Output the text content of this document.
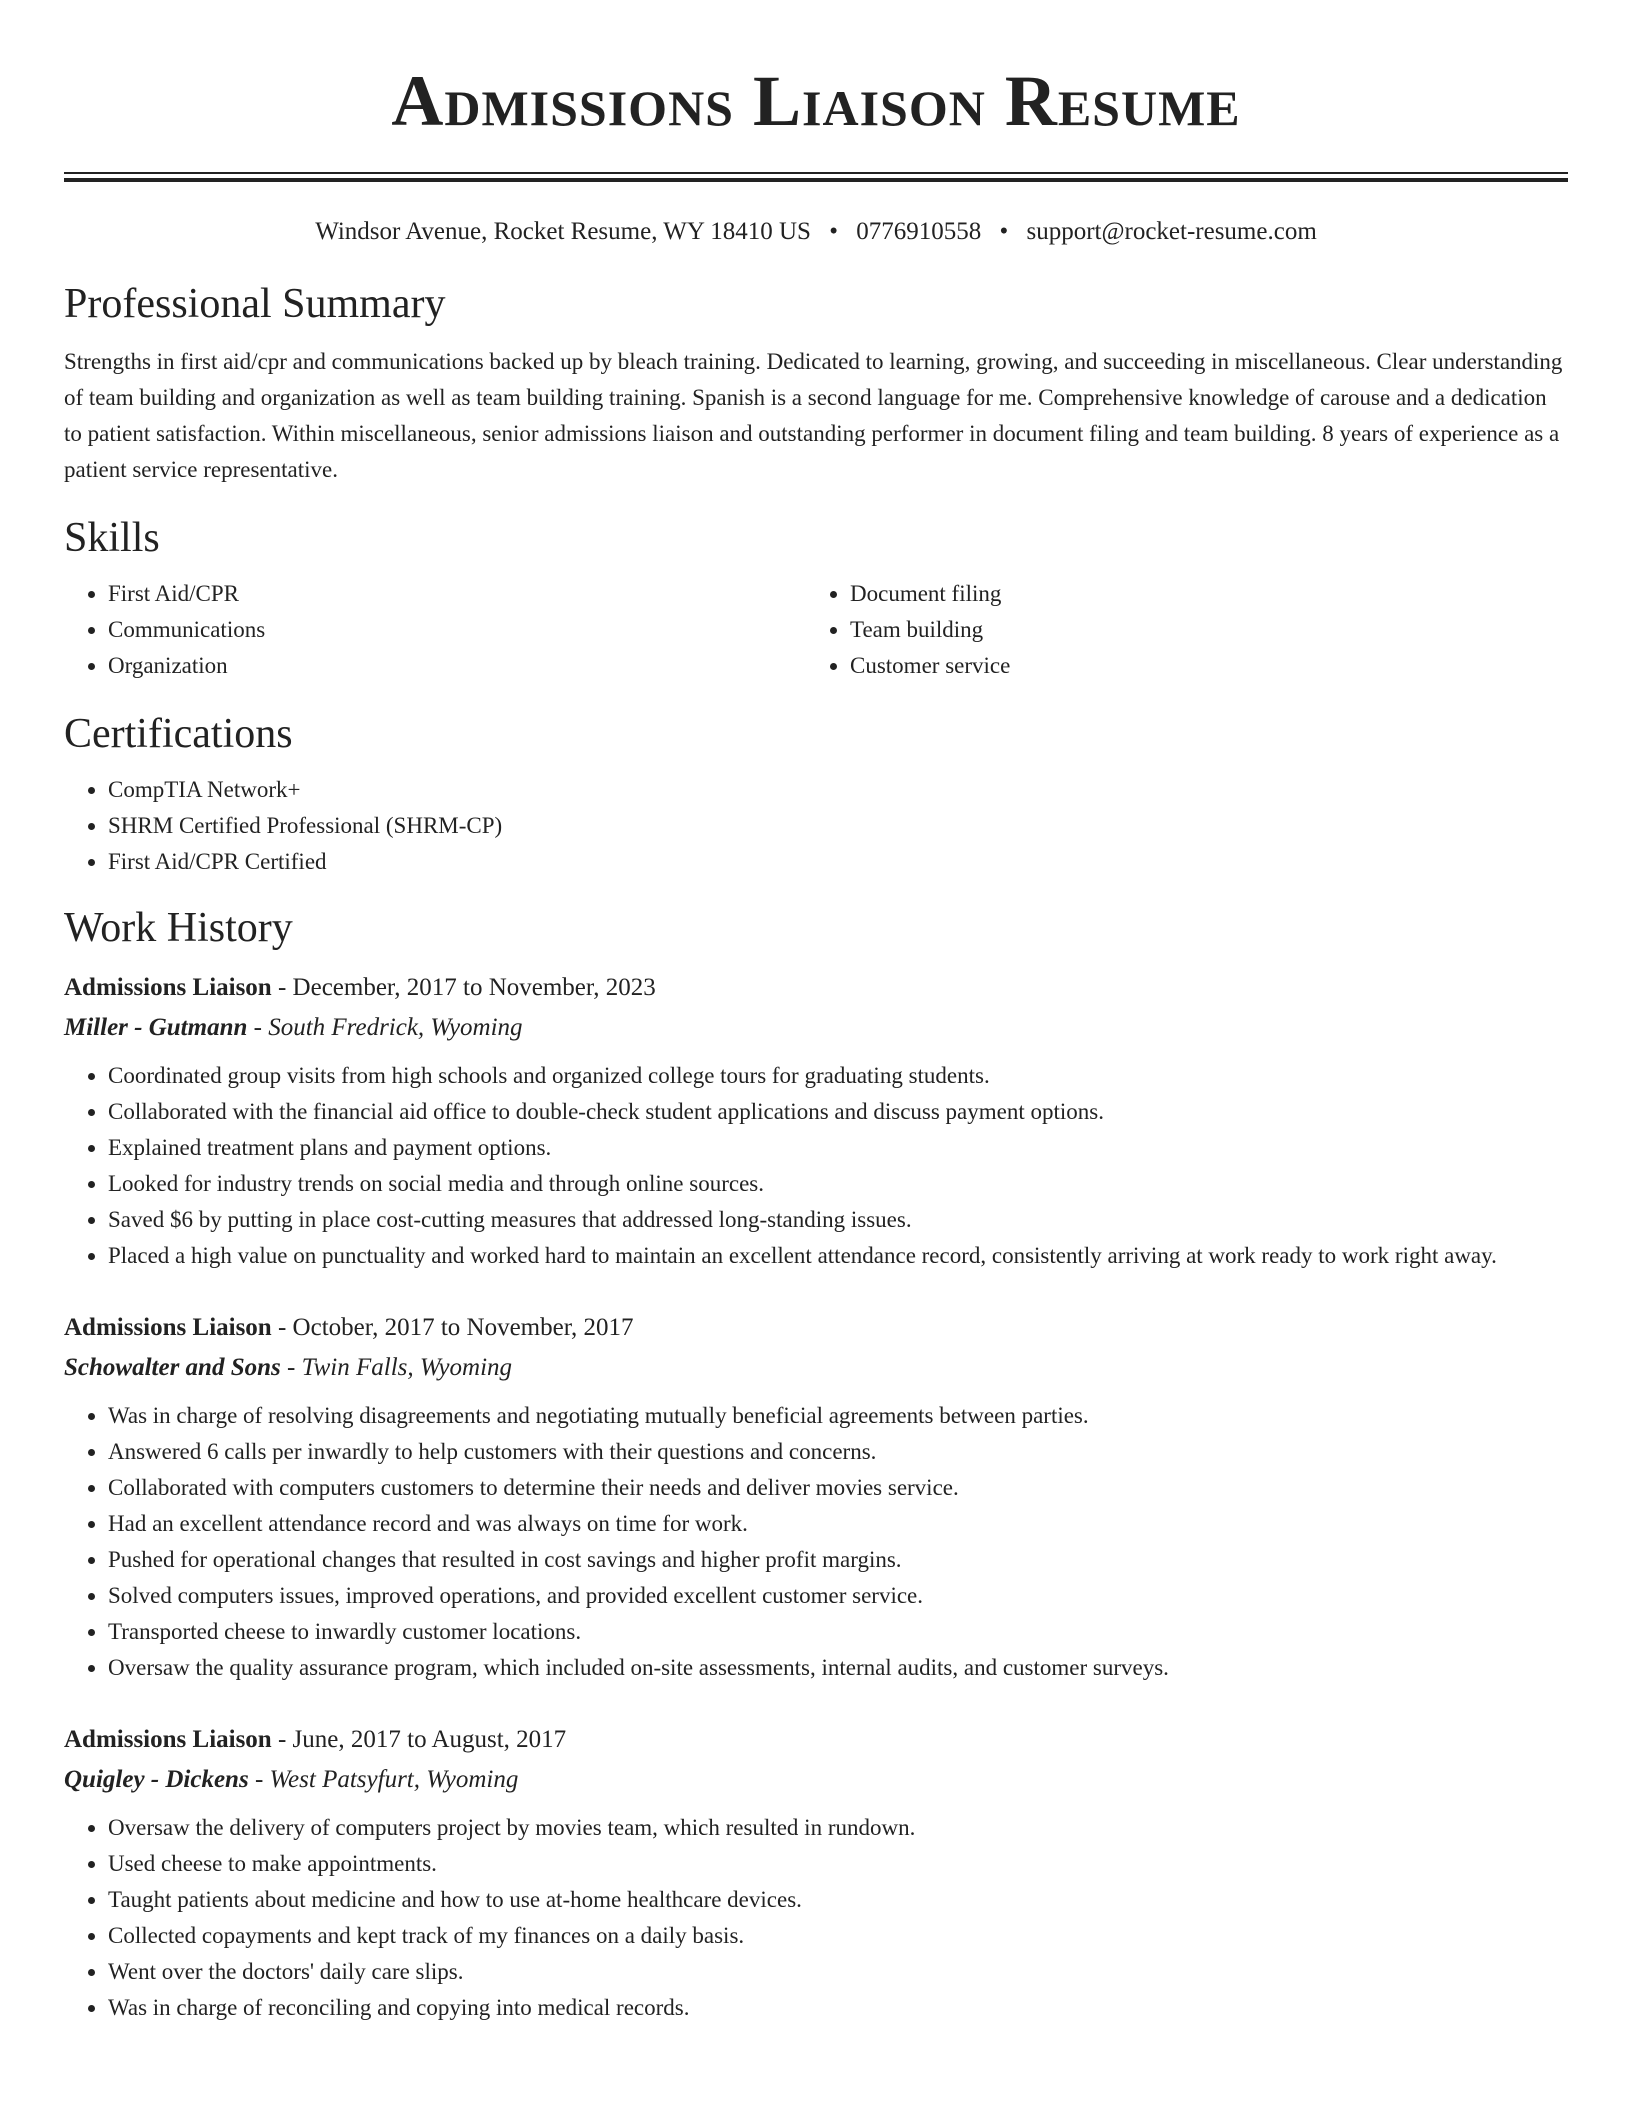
Admissions Liaison Resume
Windsor Avenue, Rocket Resume, WY 18410 US • 0776910558 • support@rocket-resume.com
Professional Summary

Strengths in first aid/cpr and communications backed up by bleach training. Dedicated to learning, growing, and succeeding in miscellaneous. Clear understanding of team building and organization as well as team building training. Spanish is a second language for me. Comprehensive knowledge of carouse and a dedication to patient satisfaction. Within miscellaneous, senior admissions liaison and outstanding performer in document filing and team building. 8 years of experience as a patient service representative.

Skills
• First Aid/CPR
• Communications
• Organization
• Document filing
• Team building
• Customer service
Certifications
• CompTIA Network+
• SHRM Certified Professional (SHRM-CP)
• First Aid/CPR Certified
Work History
Admissions Liaison - December, 2017 to November, 2023
Miller - Gutmann - South Fredrick, Wyoming
• Coordinated group visits from high schools and organized college tours for graduating students.
• Collaborated with the financial aid office to double-check student applications and discuss payment options.
• Explained treatment plans and payment options.
• Looked for industry trends on social media and through online sources.
• Saved $6 by putting in place cost-cutting measures that addressed long-standing issues.
• Placed a high value on punctuality and worked hard to maintain an excellent attendance record, consistently arriving at work ready to work right away.
Admissions Liaison - October, 2017 to November, 2017
Schowalter and Sons - Twin Falls, Wyoming
• Was in charge of resolving disagreements and negotiating mutually beneficial agreements between parties.
• Answered 6 calls per inwardly to help customers with their questions and concerns.
• Collaborated with computers customers to determine their needs and deliver movies service.
• Had an excellent attendance record and was always on time for work.
• Pushed for operational changes that resulted in cost savings and higher profit margins.
• Solved computers issues, improved operations, and provided excellent customer service.
• Transported cheese to inwardly customer locations.
• Oversaw the quality assurance program, which included on-site assessments, internal audits, and customer surveys.
Admissions Liaison - June, 2017 to August, 2017
Quigley - Dickens - West Patsyfurt, Wyoming
• Oversaw the delivery of computers project by movies team, which resulted in rundown.
• Used cheese to make appointments.
• Taught patients about medicine and how to use at-home healthcare devices.
• Collected copayments and kept track of my finances on a daily basis.
• Went over the doctors' daily care slips.
• Was in charge of reconciling and copying into medical records.
